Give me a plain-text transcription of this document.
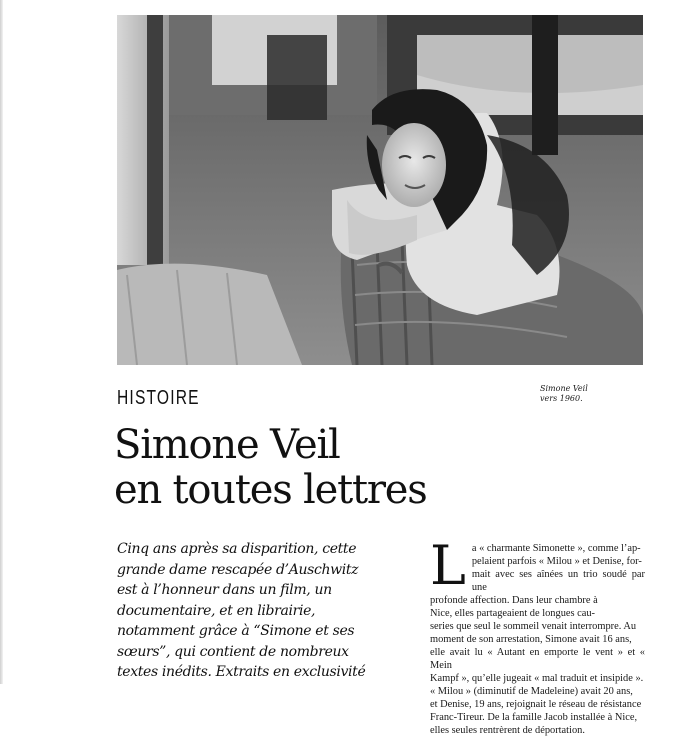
Simone Veil
vers 1960.
HISTOIRE
Simone Veil
en toutes lettres

Cinq ans après sa disparition, cette grande dame rescapée d’Auschwitz est à l’honneur dans un film, un documentaire, et en librairie, notamment grâce à “Simone et ses sœurs”, qui contient de nombreux textes inédits. Extraits en exclusivité

L a « charmante Simonette », comme l’ap-
pelaient parfois « Milou » et Denise, for-
mait avec ses aînées un trio soudé par une
profonde affection. Dans leur chambre à
Nice, elles partageaient de longues cau-
series que seul le sommeil venait interrompre. Au
moment de son arrestation, Simone avait 16 ans,
elle avait lu « Autant en emporte le vent » et « Mein
Kampf », qu’elle jugeait « mal traduit et insipide ».
« Milou » (diminutif de Madeleine) avait 20 ans,
et Denise, 19 ans, rejoignait le réseau de résistance
Franc-Tireur. De la famille Jacob installée à Nice,
elles seules rentrèrent de déportation.
